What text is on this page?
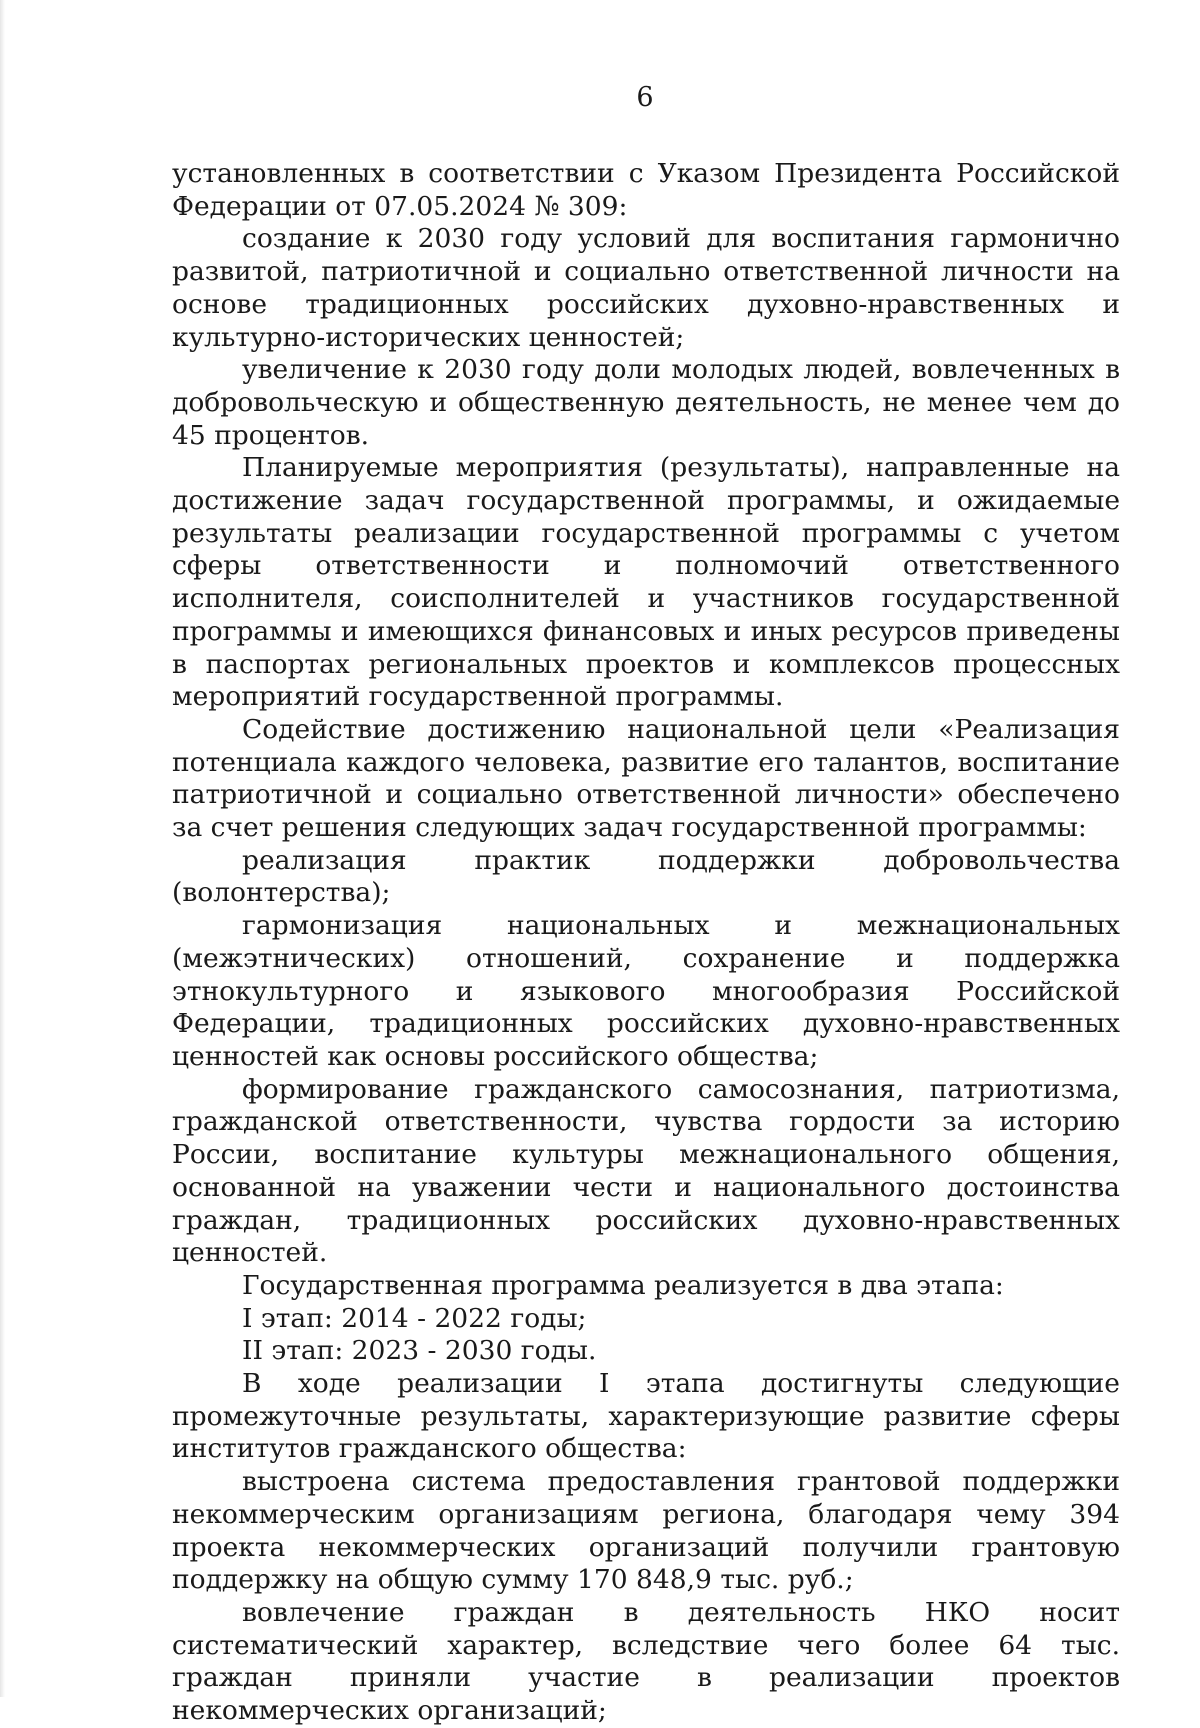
6

установленных в соответствии с Указом Президента Российской Федерации от 07.05.2024 № 309:

создание к 2030 году условий для воспитания гармонично развитой, патриотичной и социально ответственной личности на основе традиционных российских духовно-нравственных и культурно-исторических ценностей;

увеличение к 2030 году доли молодых людей, вовлеченных в добровольческую и общественную деятельность, не менее чем до 45 процентов.

Планируемые мероприятия (результаты), направленные на достижение задач государственной программы, и ожидаемые результаты реализации государственной программы с учетом сферы ответственности и полномочий ответственного исполнителя, соисполнителей и участников государственной программы и имеющихся финансовых и иных ресурсов приведены в паспортах региональных проектов и комплексов процессных мероприятий государственной программы.

Содействие достижению национальной цели «Реализация потенциала каждого человека, развитие его талантов, воспитание патриотичной и социально ответственной личности» обеспечено за счет решения следующих задач государственной программы:

реализация практик поддержки добровольчества (волонтерства);

гармонизация национальных и межнациональных (межэтнических) отношений, сохранение и поддержка этнокультурного и языкового многообразия Российской Федерации, традиционных российских духовно-нравственных ценностей как основы российского общества;

формирование гражданского самосознания, патриотизма, гражданской ответственности, чувства гордости за историю России, воспитание культуры межнационального общения, основанной на уважении чести и национального достоинства граждан, традиционных российских духовно-нравственных ценностей.

Государственная программа реализуется в два этапа:

I этап: 2014 - 2022 годы;

II этап: 2023 - 2030 годы.

В ходе реализации I этапа достигнуты следующие промежуточные результаты, характеризующие развитие сферы институтов гражданского общества:

выстроена система предоставления грантовой поддержки некоммерческим организациям региона, благодаря чему 394 проекта некоммерческих организаций получили грантовую поддержку на общую сумму 170 848,9 тыс. руб.;

вовлечение граждан в деятельность НКО носит систематический характер, вследствие чего более 64 тыс. граждан приняли участие в реализации проектов некоммерческих организаций;
